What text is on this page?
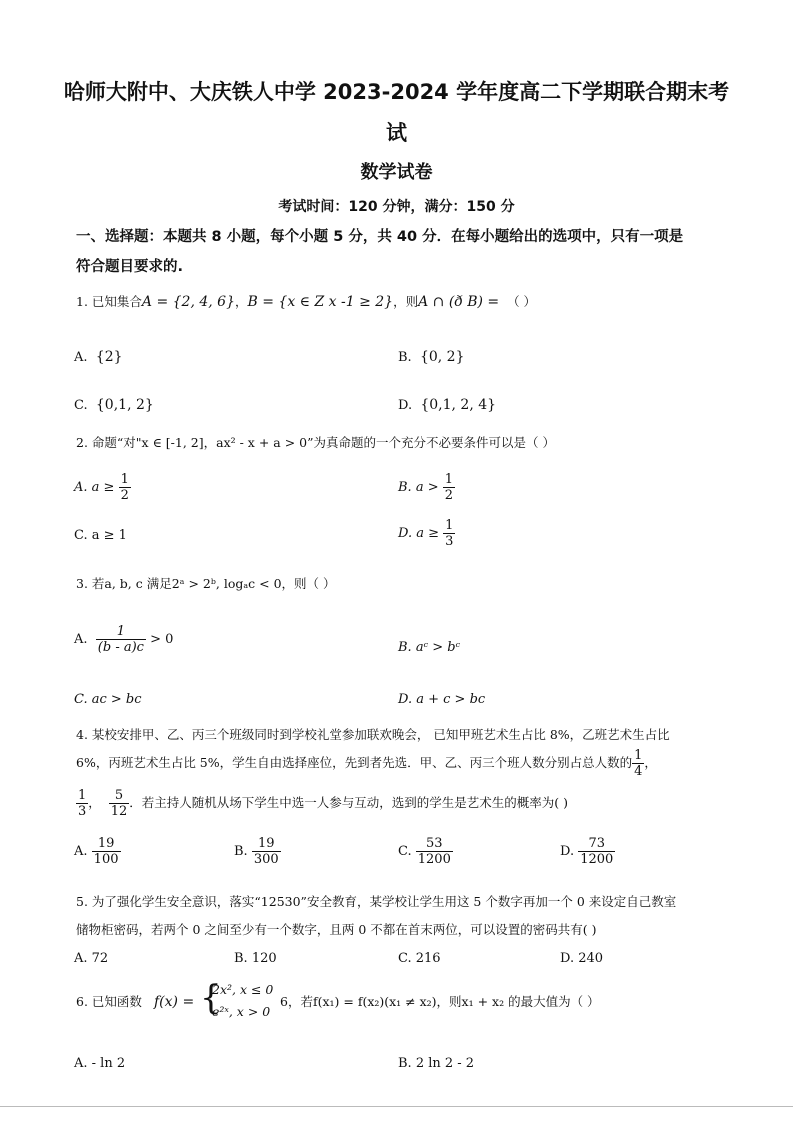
哈师大附中、大庆铁人中学 2023-2024 学年度高二下学期联合期末考
试
数学试卷
考试时间：120 分钟，满分：150 分
一、选择题：本题共 8 小题，每个小题 5 分，共 40 分．在每小题给出的选项中，只有一项是
符合题目要求的.
1. 已知集合A = {2, 4, 6}，B = {x ∈ Z x -1 ≥ 2}，则A ∩ (ð B) = （ ）
A.  {2}	B.  {0, 2}
C.  {0,1, 2}	D.  {0,1, 2, 4}
2. 命题“对"x ∈ [-1, 2]，ax² - x + a > 0”为真命题的一个充分不必要条件可以是（ ）
A. $a \ge \frac{1}{2}$	B. $a > \frac{1}{2}$
C. a ≥ 1	D. $a \ge \frac{1}{3}$
3. 若a, b, c 满足2ᵃ > 2ᵇ, logₐc < 0，则（ ）
A. $\frac{1}{(b - a)c} > 0$
B. aᶜ > bᶜ
C. ac > bc	D. a + c > bc
4. 某校安排甲、乙、丙三个班级同时到学校礼堂参加联欢晚会， 已知甲班艺术生占比 8%，乙班艺术生占比
6%，丙班艺术生占比 5%，学生自由选择座位，先到者先选．甲、乙、丙三个班人数分别占总人数的 $\frac{1}{4}$ ，
$\frac{1}{3}$ ， $\frac{5}{12}$ ．若主持人随机从场下学生中选一人参与互动，选到的学生是艺术生的概率为( )
A. $\frac{19}{100}$	B. $\frac{19}{300}$	C. $\frac{53}{1200}$	D. $\frac{73}{1200}$
5. 为了强化学生安全意识，落实“12530”安全教育，某学校让学生用这 5 个数字再加一个 0 来设定自己教室
储物柜密码，若两个 0 之间至少有一个数字，且两 0 不都在首末两位，可以设置的密码共有( )
A. 72	B. 120	C. 216	D. 240
6. 已知函数 f(x) = {
2x², x ≤ 0
e²ˣ, x > 0
6，若f(x₁) = f(x₂)(x₁ ≠ x₂)，则x₁ + x₂ 的最大值为（ ）
A. - ln 2	B. 2 ln 2 - 2
